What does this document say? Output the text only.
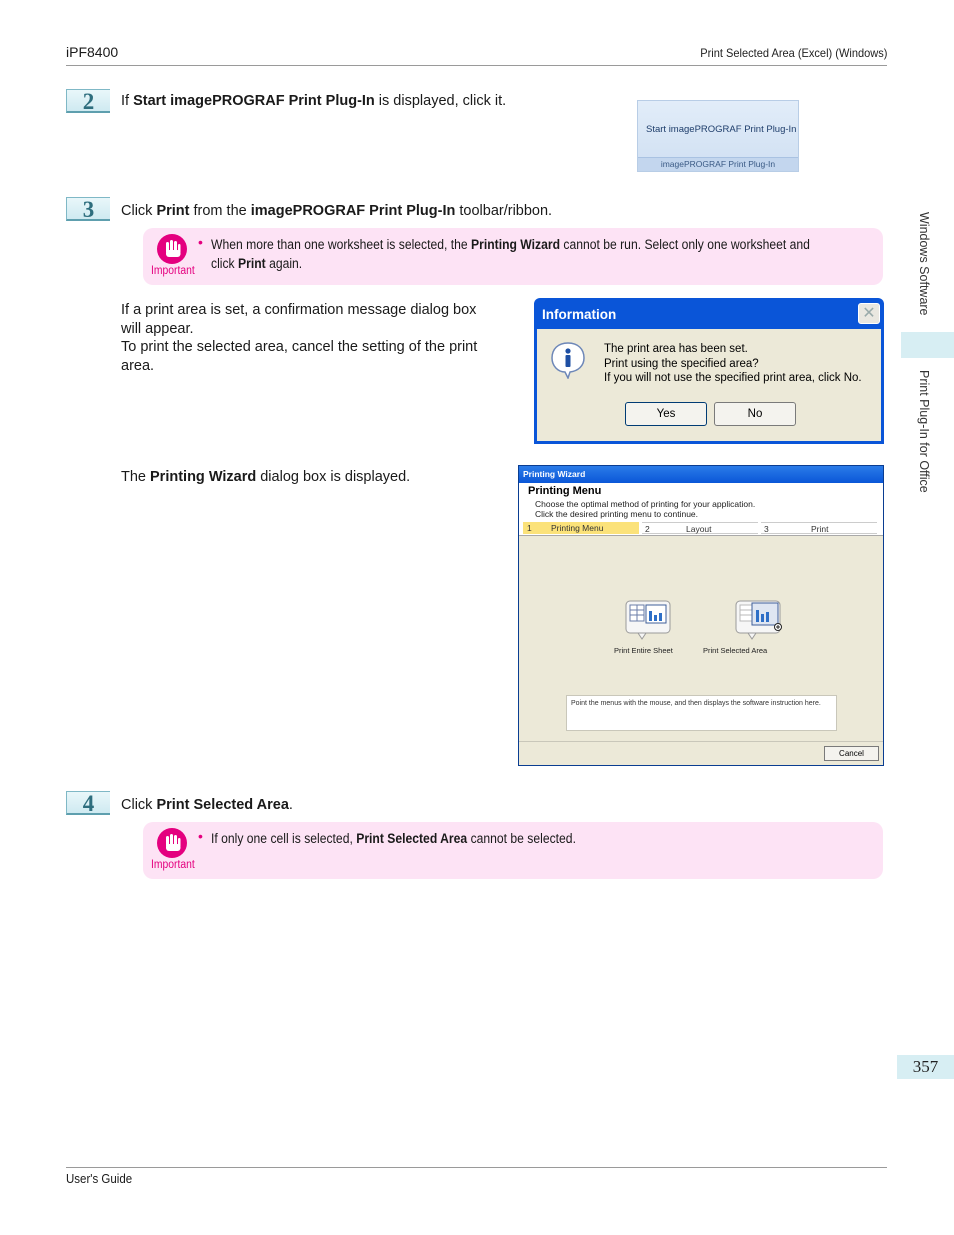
iPF8400	Print Selected Area (Excel) (Windows)
User's Guide
Windows Software
Print Plug-In for Office
357
2	If Start imagePROGRAF Print Plug-In is displayed, click it.
Start imagePROGRAF Print Plug-In
imagePROGRAF Print Plug-In
3	Click Print from the imagePROGRAF Print Plug-In toolbar/ribbon.
Important
• When more than one worksheet is selected, the Printing Wizard cannot be run. Select only one worksheet and
click Print again.
If a print area is set, a confirmation message dialog box
will appear.
To print the selected area, cancel the setting of the print
area.
Information	✕
The print area has been set.
Print using the specified area?
If you will not use the specified print area, click No.
Yes	No
The Printing Wizard dialog box is displayed.	Printing Wizard
Printing Menu
Choose the optimal method of printing for your application.
Click the desired printing menu to continue.
1 Printing Menu	2	Layout	3	Print
Print Entire Sheet	Print Selected Area
Point the menus with the mouse, and then displays the software instruction here.
Cancel
4	Click Print Selected Area.
Important
• If only one cell is selected, Print Selected Area cannot be selected.
